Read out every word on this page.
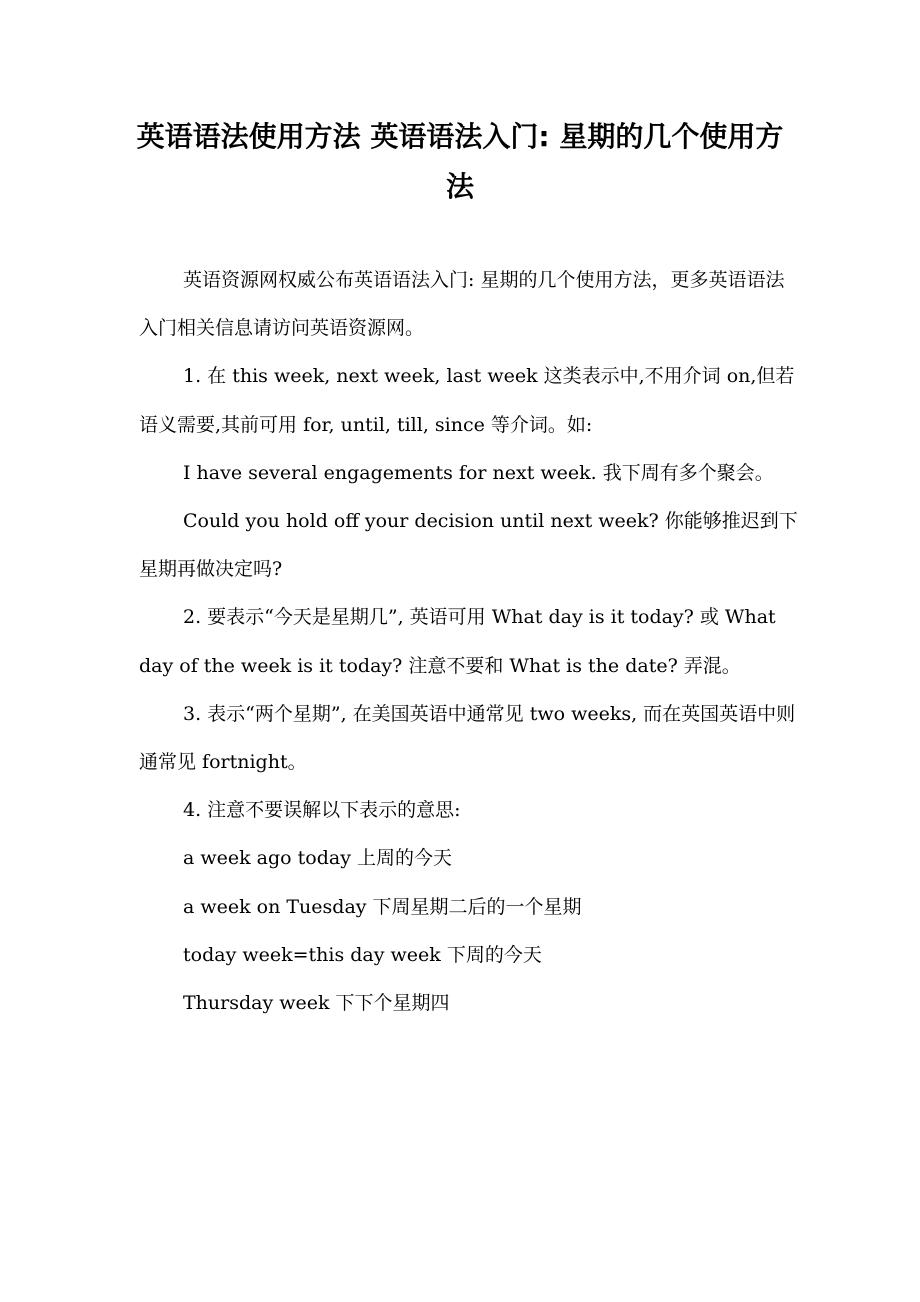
英语语法使用方法 英语语法入门: 星期的几个使用方法

英语资源网权威公布英语语法入门: 星期的几个使用方法，更多英语语法入门相关信息请访问英语资源网。

1. 在 this week, next week, last week 这类表示中,不用介词 on,但若语义需要,其前可用 for, until, till, since 等介词。如:

I have several engagements for next week. 我下周有多个聚会。

Could you hold off your decision until next week? 你能够推迟到下星期再做决定吗?

2. 要表示“今天是星期几”, 英语可用 What day is it today? 或 What day of the week is it today? 注意不要和 What is the date? 弄混。

3. 表示“两个星期”, 在美国英语中通常见 two weeks, 而在英国英语中则通常见 fortnight。

4. 注意不要误解以下表示的意思:

a week ago today 上周的今天

a week on Tuesday 下周星期二后的一个星期

today week=this day week 下周的今天

Thursday week 下下个星期四
